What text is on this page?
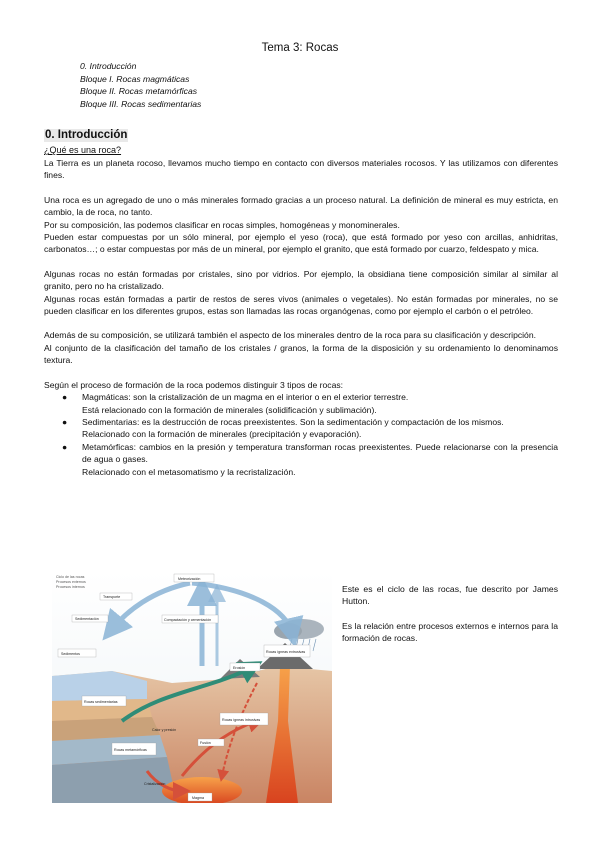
Tema 3: Rocas
0. Introducción
Bloque I. Rocas magmáticas
Bloque II. Rocas metamórficas
Bloque III. Rocas sedimentarias
0. Introducción
¿Qué es una roca?

La Tierra es un planeta rocoso, llevamos mucho tiempo en contacto con diversos materiales rocosos. Y las utilizamos con diferentes fines.

Una roca es un agregado de uno o más minerales formado gracias a un proceso natural. La definición de mineral es muy estricta, en cambio, la de roca, no tanto.

Por su composición, las podemos clasificar en rocas simples, homogéneas y monominerales.

Pueden estar compuestas por un sólo mineral, por ejemplo el yeso (roca), que está formado por yeso con arcillas, anhidritas, carbonatos…; o estar compuestas por más de un mineral, por ejemplo el granito, que está formado por cuarzo, feldespato y mica.

Algunas rocas no están formadas por cristales, sino por vidrios. Por ejemplo, la obsidiana tiene composición similar al similar al granito, pero no ha cristalizado.

Algunas rocas están formadas a partir de restos de seres vivos (animales o vegetales). No están formadas por minerales, no se pueden clasificar en los diferentes grupos, estas son llamadas las rocas organógenas, como por ejemplo el carbón o el petróleo.

Además de su composición, se utilizará también el aspecto de los minerales dentro de la roca para su clasificación y descripción.

Al conjunto de la clasificación del tamaño de los cristales / granos, la forma de la disposición y su ordenamiento lo denominamos textura.

Según el proceso de formación de la roca podemos distinguir 3 tipos de rocas:

● Magmáticas: son la cristalización de un magma en el interior o en el exterior terrestre.
Está relacionado con la formación de minerales (solidificación y sublimación).
● Sedimentarias: es la destrucción de rocas preexistentes. Son la sedimentación y compactación de los mismos.
Relacionado con la formación de minerales (precipitación y evaporación).
● Metamórficas: cambios en la presión y temperatura transforman rocas preexistentes. Puede relacionarse con la presencia de agua o gases.
Relacionado con el metasomatismo y la recristalización.
Meteorización
Transporte
Sedimentación
Sedimentos
Compactación y cementación
Rocas ígneas extrusivas
Erosión
Rocas sedimentarias
Rocas metamórficas
Rocas ígneas intrusivas
Fusión
Magma
Cristalización
Calor y presión
Ciclo de las rocas
Procesos externos
Procesos internos	Este es el ciclo de las rocas, fue descrito por James Hutton.

Es la relación entre procesos externos e internos para la formación de rocas.
